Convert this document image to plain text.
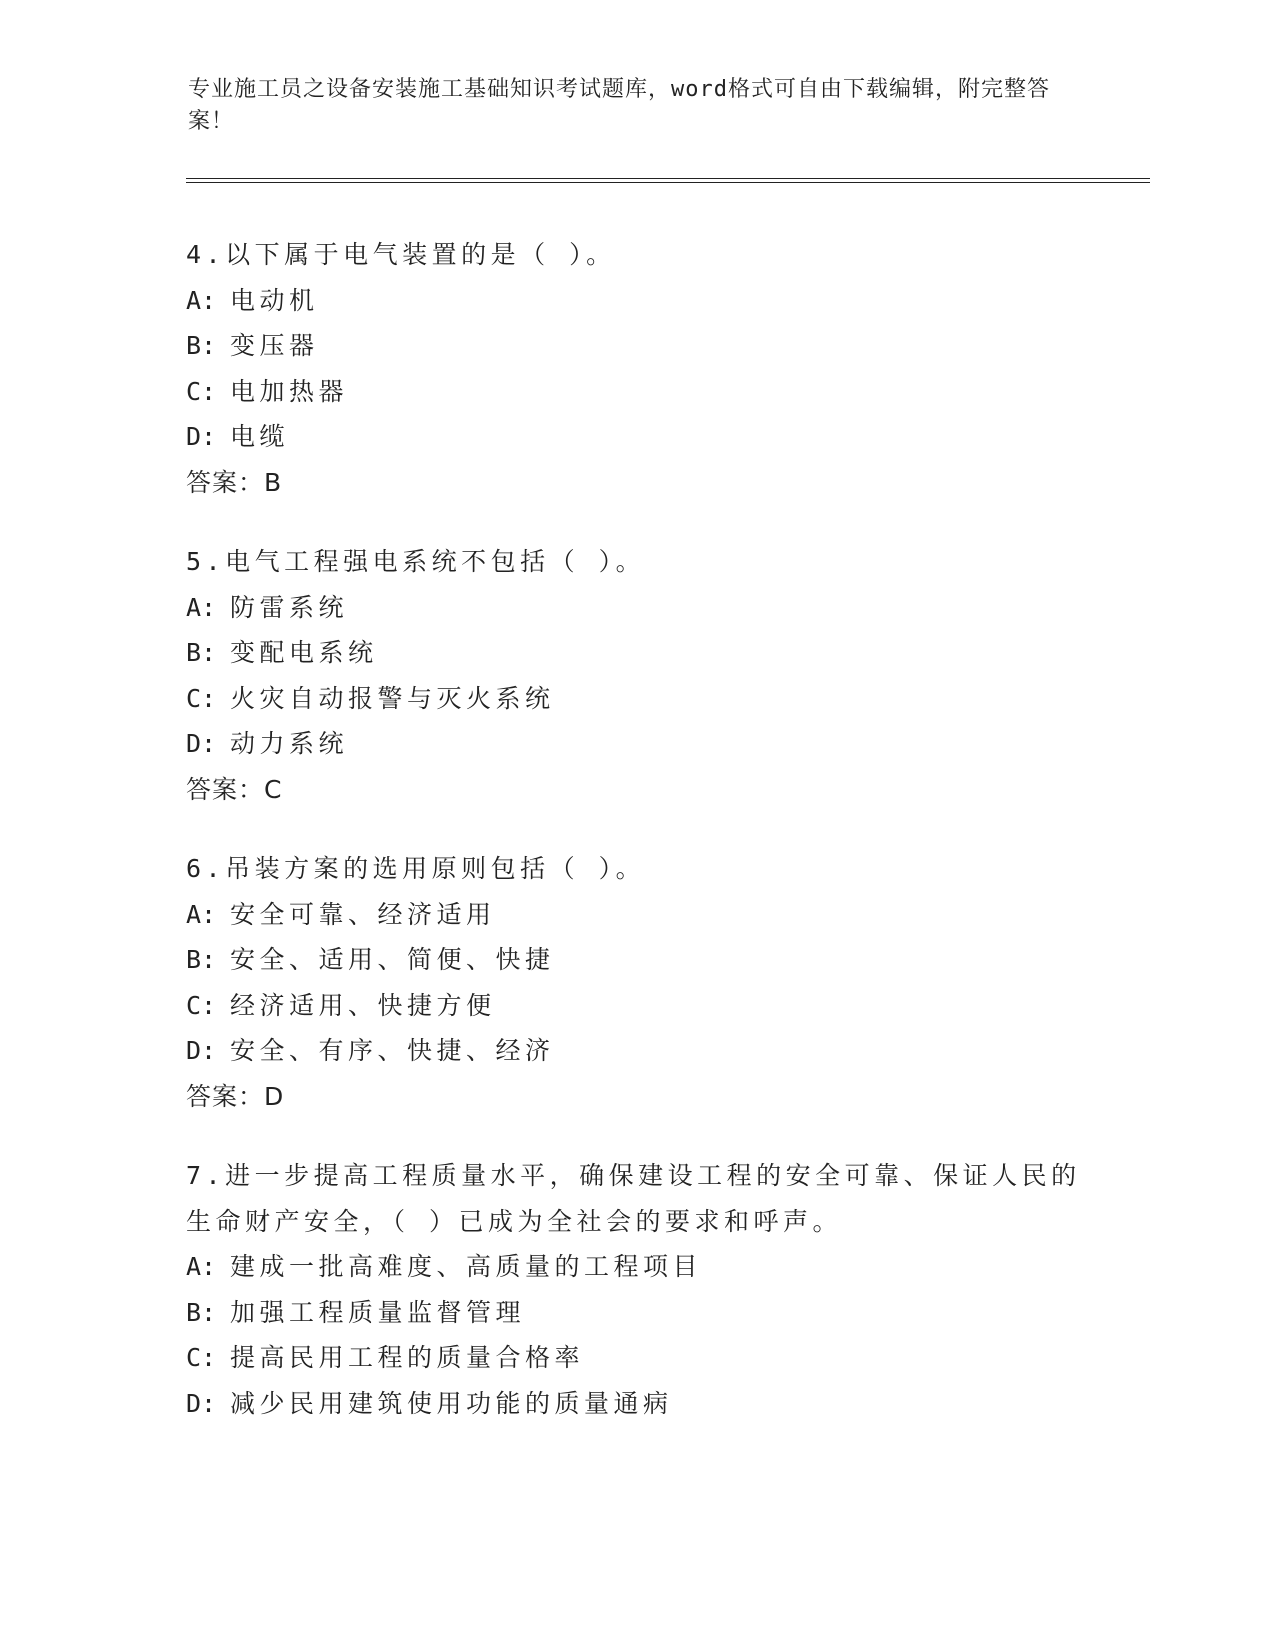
专业施工员之设备安装施工基础知识考试题库，word格式可自由下载编辑，附完整答案！

4.以下属于电气装置的是（ ）。

A: 电动机

B: 变压器

C: 电加热器

D: 电缆

答案：B

5.电气工程强电系统不包括（ ）。

A: 防雷系统

B: 变配电系统

C: 火灾自动报警与灭火系统

D: 动力系统

答案：C

6.吊装方案的选用原则包括（ ）。

A: 安全可靠、经济适用

B: 安全、适用、简便、快捷

C: 经济适用、快捷方便

D: 安全、有序、快捷、经济

答案：D

7.进一步提高工程质量水平，确保建设工程的安全可靠、保证人民的生命财产安全，（ ）已成为全社会的要求和呼声。

A: 建成一批高难度、高质量的工程项目

B: 加强工程质量监督管理

C: 提高民用工程的质量合格率

D: 减少民用建筑使用功能的质量通病
